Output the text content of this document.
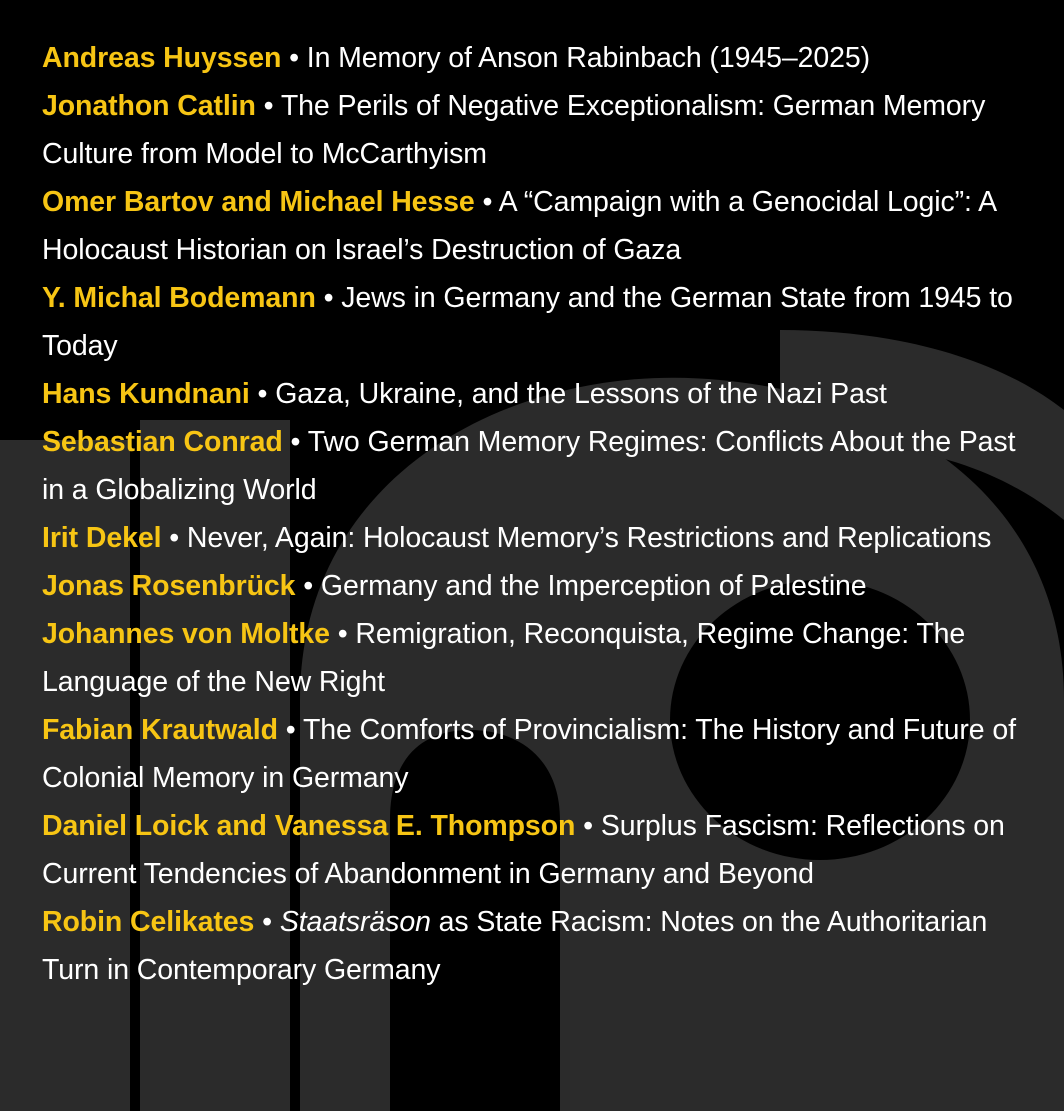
Andreas Huyssen • In Memory of Anson Rabinbach (1945–2025)

Jonathon Catlin • The Perils of Negative Exceptionalism: German Memory Culture from Model to McCarthyism

Omer Bartov and Michael Hesse • A “Campaign with a Genocidal Logic”: A Holocaust Historian on Israel’s Destruction of Gaza

Y. Michal Bodemann • Jews in Germany and the German State from 1945 to Today

Hans Kundnani • Gaza, Ukraine, and the Lessons of the Nazi Past

Sebastian Conrad • Two German Memory Regimes: Conflicts About the Past in a Globalizing World

Irit Dekel • Never, Again: Holocaust Memory’s Restrictions and Replications

Jonas Rosenbrück • Germany and the Imperception of Palestine

Johannes von Moltke • Remigration, Reconquista, Regime Change: The Language of the New Right

Fabian Krautwald • The Comforts of Provincialism: The History and Future of Colonial Memory in Germany

Daniel Loick and Vanessa E. Thompson • Surplus Fascism: Reflections on Current Tendencies of Abandonment in Germany and Beyond

Robin Celikates • Staatsräson as State Racism: Notes on the Authoritarian Turn in Contemporary Germany
